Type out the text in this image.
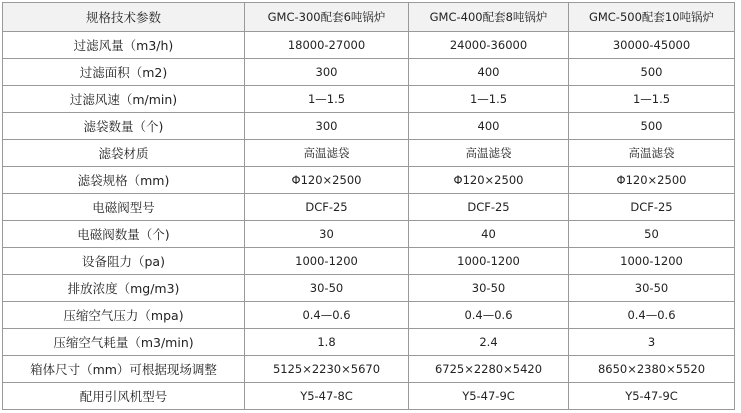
规格技术参数	GMC-300配套6吨锅炉	GMC-400配套8吨锅炉	GMC-500配套10吨锅炉
过滤风量（m3/h)	18000-27000	24000-36000	30000-45000
过滤面积（m2)	300	400	500
过滤风速（m/min)	1—1.5	1—1.5	1—1.5
滤袋数量（个)	300	400	500
滤袋材质	高温滤袋	高温滤袋	高温滤袋
滤袋规格（mm)	Φ120×2500	Φ120×2500	Φ120×2500
电磁阀型号	DCF-25	DCF-25	DCF-25
电磁阀数量（个)	30	40	50
设备阻力（pa)	1000-1200	1000-1200	1000-1200
排放浓度（mg/m3)	30-50	30-50	30-50
压缩空气压力（mpa)	0.4—0.6	0.4—0.6	0.4—0.6
压缩空气耗量（m3/min)	1.8	2.4	3
箱体尺寸（mm）可根据现场调整	5125×2230×5670	6725×2280×5420	8650×2380×5520
配用引风机型号	Y5-47-8C	Y5-47-9C	Y5-47-9C
